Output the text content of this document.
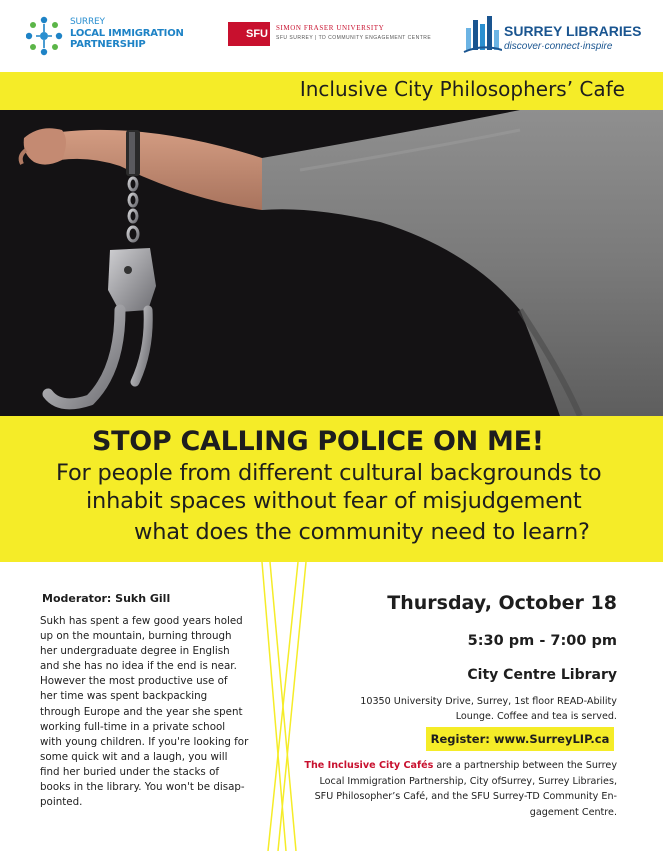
SURREY
LOCAL IMMIGRATION
PARTNERSHIP
SFU SIMON FRASER UNIVERSITY
SFU SURREY | TD COMMUNITY ENGAGEMENT CENTRE	SURREY LIBRARIES
discover·connect·inspire
Inclusive City Philosophers’ Cafe
STOP CALLING POLICE ON ME!
For people from different cultural backgrounds to
inhabit spaces without fear of misjudgement
what does the community need to learn?
Moderator: Sukh Gill
Sukh has spent a few good years holed
up on the mountain, burning through
her undergraduate degree in English
and she has no idea if the end is near.
However the most productive use of
her time was spent backpacking
through Europe and the year she spent
working full-time in a private school
with young children. If you're looking for
some quick wit and a laugh, you will
find her buried under the stacks of
books in the library. You won't be disap-
pointed.
Thursday, October 18
5:30 pm - 7:00 pm
City Centre Library
10350 University Drive, Surrey, 1st floor READ-Ability
Lounge. Coffee and tea is served.
Register: www.SurreyLIP.ca
The Inclusive City Cafés are a partnership between the Surrey
Local Immigration Partnership, City ofSurrey, Surrey Libraries,
SFU Philosopher’s Café, and the SFU Surrey-TD Community En-
gagement Centre.
